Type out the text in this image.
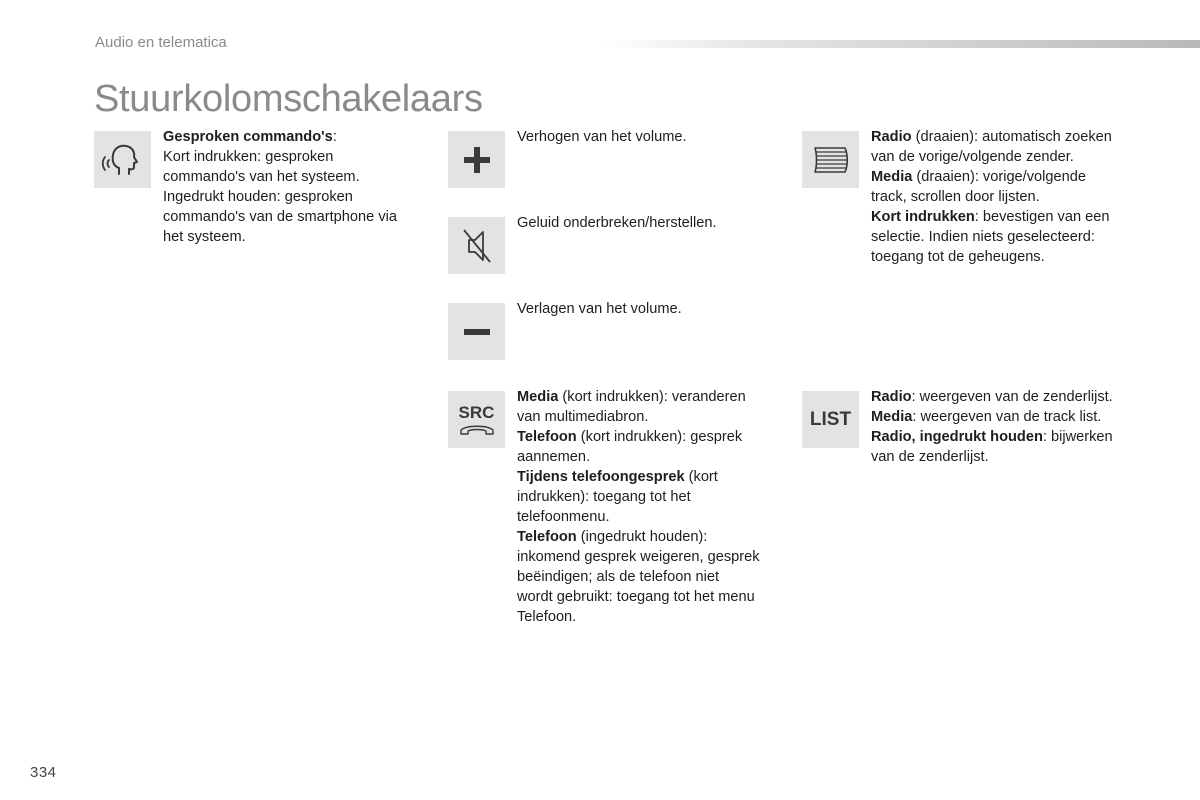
Audio en telematica
Stuurkolomschakelaars
Gesproken commando's:
Kort indrukken: gesproken
commando's van het systeem.
Ingedrukt houden: gesproken
commando's van de smartphone via
het systeem.
Verhogen van het volume.
Geluid onderbreken/herstellen.
Verlagen van het volume.
SRC
Media (kort indrukken): veranderen
van multimediabron.
Telefoon (kort indrukken): gesprek
aannemen.
Tijdens telefoongesprek (kort
indrukken): toegang tot het
telefoonmenu.
Telefoon (ingedrukt houden):
inkomend gesprek weigeren, gesprek
beëindigen; als de telefoon niet
wordt gebruikt: toegang tot het menu
Telefoon.
Radio (draaien): automatisch zoeken
van de vorige/volgende zender.
Media (draaien): vorige/volgende
track, scrollen door lijsten.
Kort indrukken: bevestigen van een
selectie. Indien niets geselecteerd:
toegang tot de geheugens.
LIST
Radio: weergeven van de zenderlijst.
Media: weergeven van de track list.
Radio, ingedrukt houden: bijwerken
van de zenderlijst.
334
